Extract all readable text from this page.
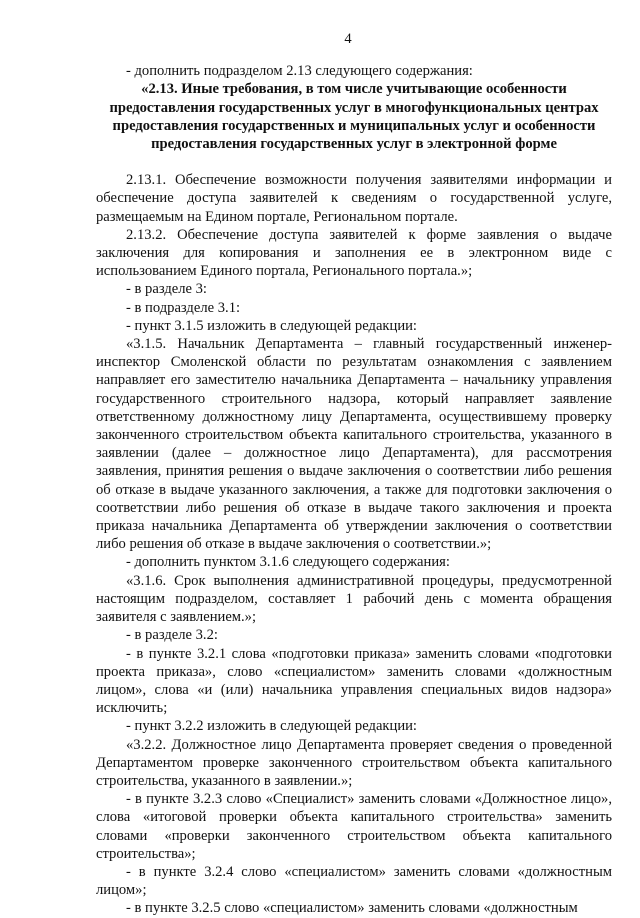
4

- дополнить подразделом 2.13 следующего содержания:

«2.13. Иные требования, в том числе учитывающие особенности предоставления государственных услуг в многофункциональных центрах предоставления государственных и муниципальных услуг и особенности предоставления государственных услуг в электронной форме

2.13.1. Обеспечение возможности получения заявителями информации и обеспечение доступа заявителей к сведениям о государственной услуге, размещаемым на Едином портале, Региональном портале.

2.13.2. Обеспечение доступа заявителей к форме заявления о выдаче заключения для копирования и заполнения ее в электронном виде с использованием Единого портала, Регионального портала.»;

- в разделе 3:

- в подразделе 3.1:

- пункт 3.1.5 изложить в следующей редакции:

«3.1.5. Начальник Департамента – главный государственный инженер-инспектор Смоленской области по результатам ознакомления с заявлением направляет его заместителю начальника Департамента – начальнику управления государственного строительного надзора, который направляет заявление ответственному должностному лицу Департамента, осуществившему проверку законченного строительством объекта капитального строительства, указанного в заявлении (далее – должностное лицо Департамента), для рассмотрения заявления, принятия решения о выдаче заключения о соответствии либо решения об отказе в выдаче указанного заключения, а также для подготовки заключения о соответствии либо решения об отказе в выдаче такого заключения и проекта приказа начальника Департамента об утверждении заключения о соответствии либо решения об отказе в выдаче заключения о соответствии.»;

- дополнить пунктом 3.1.6 следующего содержания:

«3.1.6. Срок выполнения административной процедуры, предусмотренной настоящим подразделом, составляет 1 рабочий день с момента обращения заявителя с заявлением.»;

- в разделе 3.2:

- в пункте 3.2.1 слова «подготовки приказа» заменить словами «подготовки проекта приказа», слово «специалистом» заменить словами «должностным лицом», слова «и (или) начальника управления специальных видов надзора» исключить;

- пункт 3.2.2 изложить в следующей редакции:

«3.2.2. Должностное лицо Департамента проверяет сведения о проведенной Департаментом проверке законченного строительством объекта капитального строительства, указанного в заявлении.»;

- в пункте 3.2.3 слово «Специалист» заменить словами «Должностное лицо», слова «итоговой проверки объекта капитального строительства» заменить словами «проверки законченного строительством объекта капитального строительства»;

- в пункте 3.2.4 слово «специалистом» заменить словами «должностным лицом»;

- в пункте 3.2.5 слово «специалистом» заменить словами «должностным
